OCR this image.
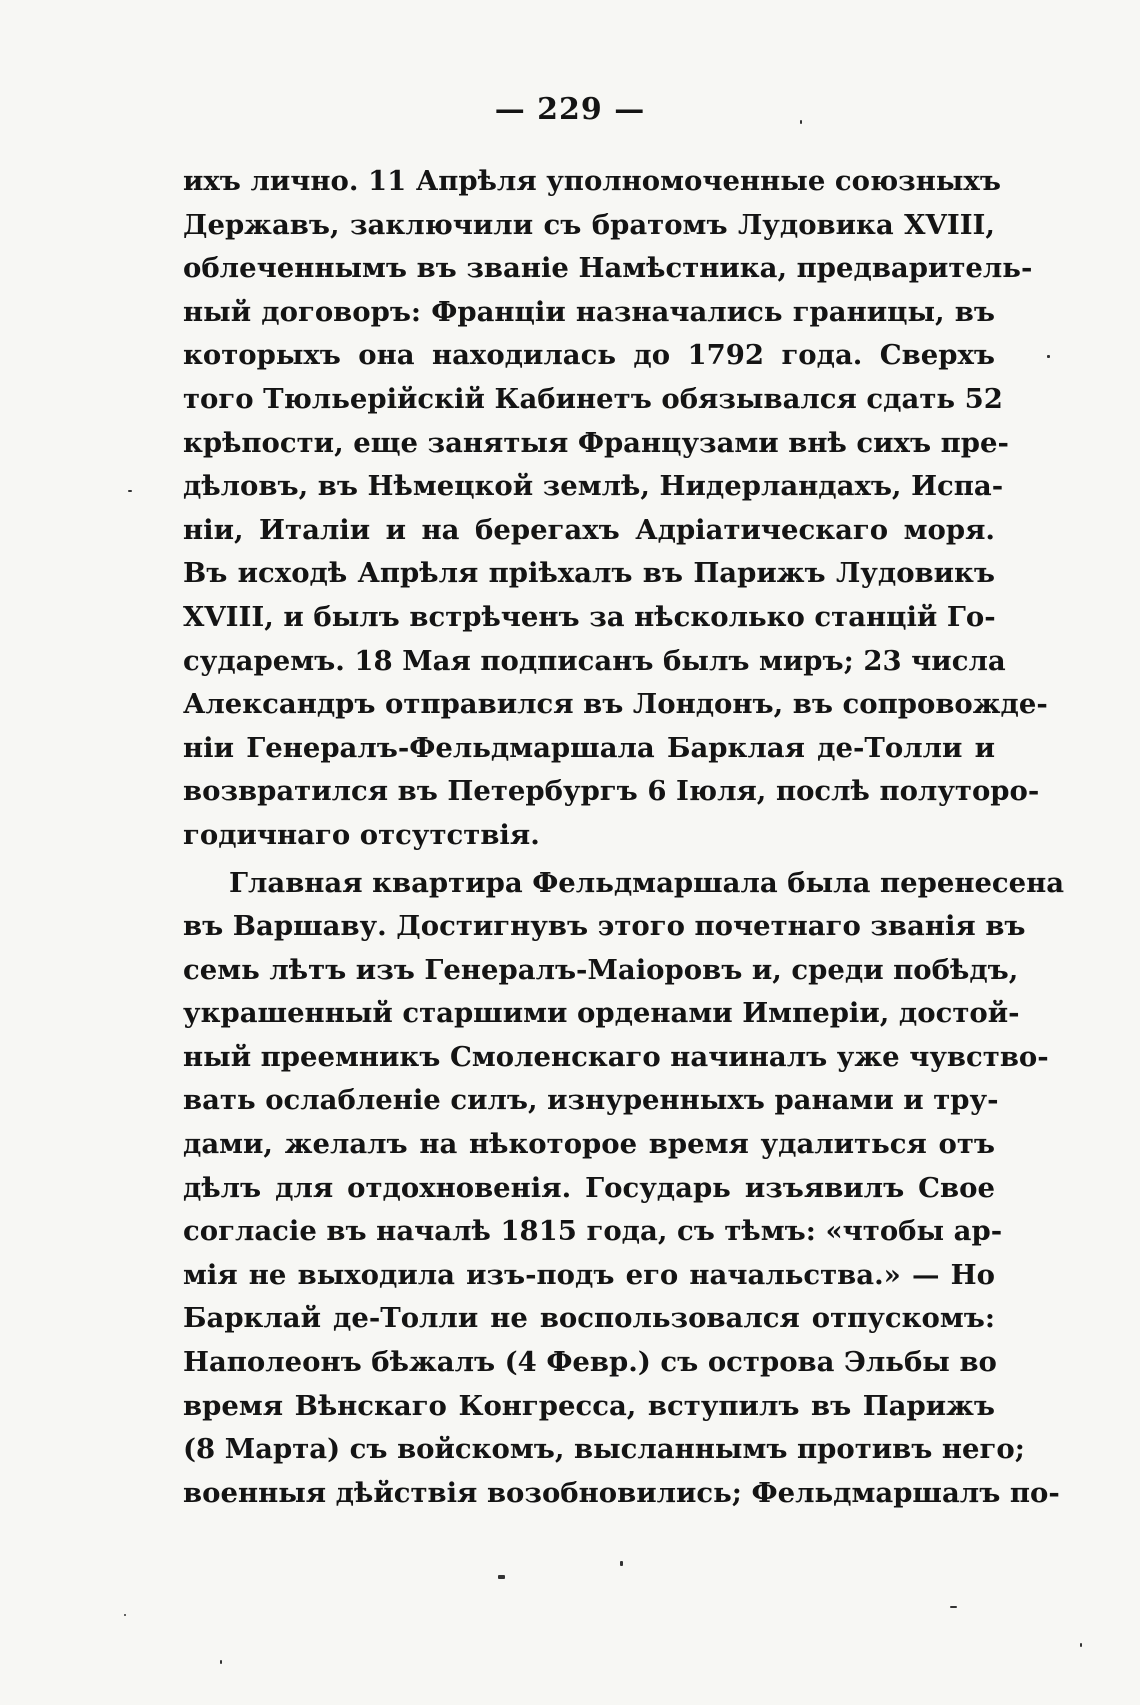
— 229 —
ихъ лично. 11 Апрѣля уполномоченные союзныхъ
Державъ, заключили съ братомъ Лудовика XVIII,
облеченнымъ въ званіе Намѣстника, предваритель-
ный договоръ: Франціи назначались границы, въ
которыхъ она находилась до 1792 года. Сверхъ
того Тюльерійскій Кабинетъ обязывался сдать 52
крѣпости, еще занятыя Французами внѣ сихъ пре-
дѣловъ, въ Нѣмецкой землѣ, Нидерландахъ, Испа-
ніи, Италіи и на берегахъ Адріатическаго моря.
Въ исходѣ Апрѣля пріѣхалъ въ Парижъ Лудовикъ
XVIII, и былъ встрѣченъ за нѣсколько станцій Го-
сударемъ. 18 Мая подписанъ былъ миръ; 23 числа
Александръ отправился въ Лондонъ, въ сопровожде-
ніи Генералъ-Фельдмаршала Барклая де-Толли и
возвратился въ Петербургъ 6 Іюля, послѣ полуторо-
годичнаго отсутствія.
Главная квартира Фельдмаршала была перенесена
въ Варшаву. Достигнувъ этого почетнаго званія въ
семь лѣтъ изъ Генералъ-Маіоровъ и, среди побѣдъ,
украшенный старшими орденами Имперіи, достой-
ный преемникъ Смоленскаго начиналъ уже чувство-
вать ослабленіе силъ, изнуренныхъ ранами и тру-
дами, желалъ на нѣкоторое время удалиться отъ
дѣлъ для отдохновенія. Государь изъявилъ Свое
согласіе въ началѣ 1815 года, съ тѣмъ: «чтобы ар-
мія не выходила изъ-подъ его начальства.» — Но
Барклай де-Толли не воспользовался отпускомъ:
Наполеонъ бѣжалъ (4 Февр.) съ острова Эльбы во
время Вѣнскаго Конгресса, вступилъ въ Парижъ
(8 Марта) съ войскомъ, высланнымъ противъ него;
военныя дѣйствія возобновились; Фельдмаршалъ по-
